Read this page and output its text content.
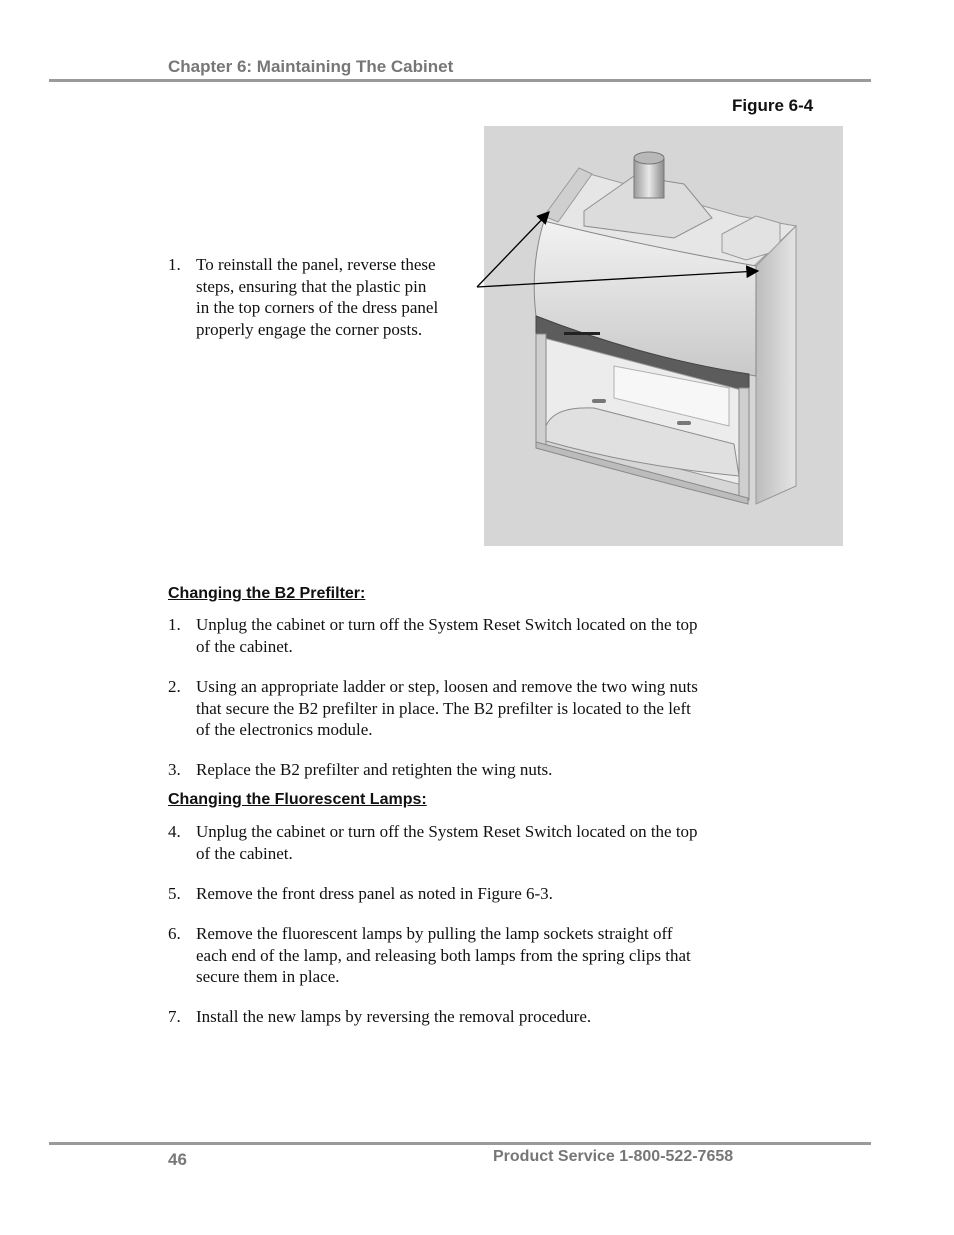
Chapter 6: Maintaining The Cabinet
Figure 6-4
1. To reinstall the panel, reverse these
steps, ensuring that the plastic pin
in the top corners of the dress panel
properly engage the corner posts.
Changing the B2 Prefilter:
1. Unplug the cabinet or turn off the System Reset Switch located on the top
of the cabinet.
2. Using an appropriate ladder or step, loosen and remove the two wing nuts
that secure the B2 prefilter in place. The B2 prefilter is located to the left
of the electronics module.
3. Replace the B2 prefilter and retighten the wing nuts.
Changing the Fluorescent Lamps:
4. Unplug the cabinet or turn off the System Reset Switch located on the top
of the cabinet.
5. Remove the front dress panel as noted in Figure 6-3.
6. Remove the fluorescent lamps by pulling the lamp sockets straight off
each end of the lamp, and releasing both lamps from the spring clips that
secure them in place.
7. Install the new lamps by reversing the removal procedure.
46	Product Service 1-800-522-7658
